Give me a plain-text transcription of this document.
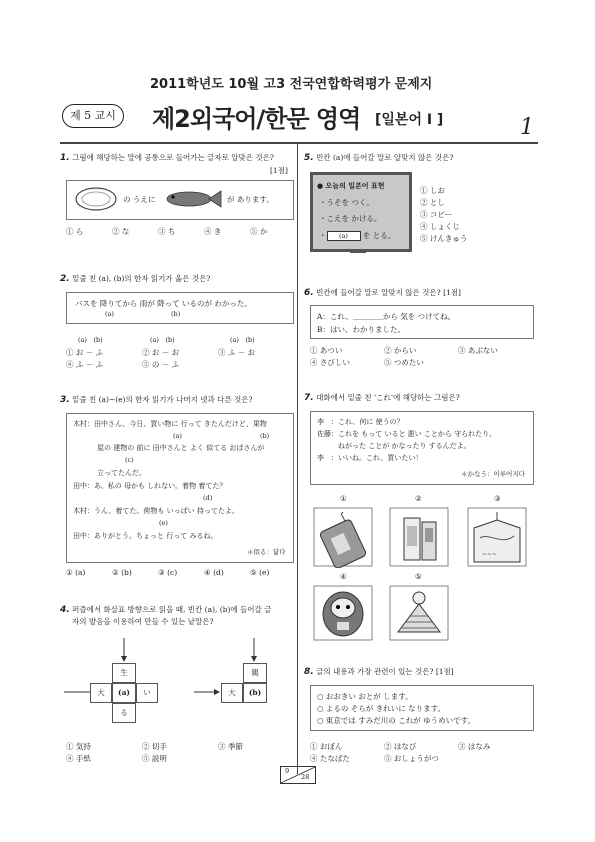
2011학년도 10월 고3 전국연합학력평가 문제지
제 5 교시	제2외국어/한문 영역 [일본어 I ]	1
1. 그림에 해당하는 말에 공통으로 들어가는 글자로 알맞은 것은?
[1점]
の うえに	が あります。
① ら	② な	③ ち	④ き	⑤ か
2. 밑줄 친 (a), (b)의 한자 읽기가 옳은 것은?
バスを 降りてから 雨が 降って いるのが わかった。
(a)	(b)
(a)　(b)	(a)　(b)	(a)　(b)
① お － ふ	② お － お	③ ふ － お
④ ふ － ふ	⑤ の － ふ
3. 밑줄 친 (a)~(e)의 한자 읽기가 나머지 넷과 다른 것은?
木村：田中さん、今日、買い物に 行って きたんだけど、果物
(a)　　　　　　　　　　　　(b)
屋の 建物の 前に 田中さんと よく 似てる おばさんが
(c)
立ってたんだ。
田中：あ、私の 母かも しれない。着物 着てた？
(d)
木村：うん、着てた。荷物も いっぱい 持ってたよ。
(e)
田中：ありがとう。ちょっと 行って みるね。
＊似る：닮다
① (a)	② (b)	③ (c)	④ (d)	⑤ (e)
4. 퍼즐에서 화살표 방향으로 읽을 때, 빈칸 (a), (b)에 들어갈 글
자의 발음을 이용하여 만들 수 있는 낱말은?
生
大	(a)	い
る
親
大	(b)
① 気持	② 切手	③ 季節
④ 手紙	⑤ 説明
5. 빈칸 (a)에 들어갈 말로 알맞지 않은 것은?
● 오늘의 일본어 표현
・うそを つく。
・こえを かける。
・ (a) を とる。
① しお
② とし
③ コピー
④ しょくじ
⑤ けんきゅう
6. 빈칸에 들어갈 말로 알맞지 않은 것은? [1점]
A：これ、＿＿＿＿から 気を つけてね。
B：はい、わかりました。
① あつい	② からい	③ あぶない
④ さびしい	⑤ つめたい
7. 대화에서 밑줄 친 'これ'에 해당하는 그림은?
李　：これ、何に 使うの？
佐藤：これを もって いると 悪い ことから 守られたり、
　　　ねがった ことが かなったり するんだよ。
李　：いいね。これ、買いたい！
＊かなう：이루어지다
①	②	③
~~~
④	⑤
8. 글의 내용과 가장 관련이 있는 것은? [1점]
○ おおきい おとが します。
○ よるの そらが きれいに なります。
○ 東京では すみだ川の これが ゆうめいです。
① おぼん	② はなび	③ はなみ
④ たなばた	⑤ おしょうがつ
9
28
